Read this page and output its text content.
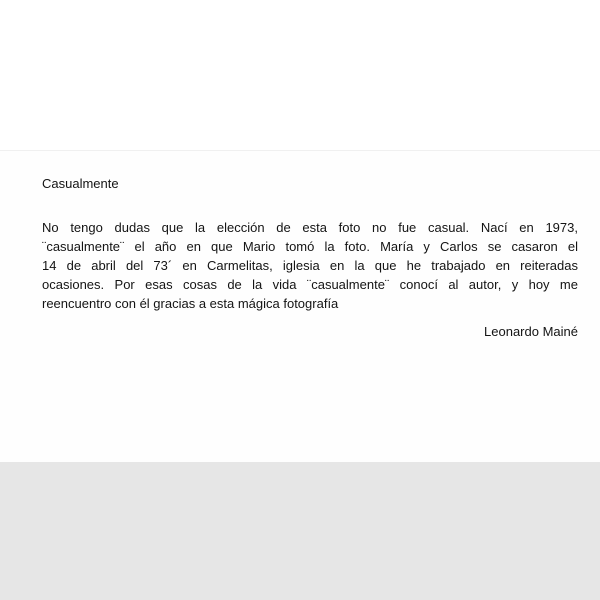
Casualmente
No tengo dudas que la elección de esta foto no fue casual. Nací en 1973,
¨casualmente¨ el año en que Mario tomó la foto. María y Carlos se casaron el
14 de abril del 73´ en Carmelitas, iglesia en la que he trabajado en reiteradas
ocasiones. Por esas cosas de la vida ¨casualmente¨ conocí al autor, y hoy me
reencuentro con él gracias a esta mágica fotografía

Leonardo Mainé
